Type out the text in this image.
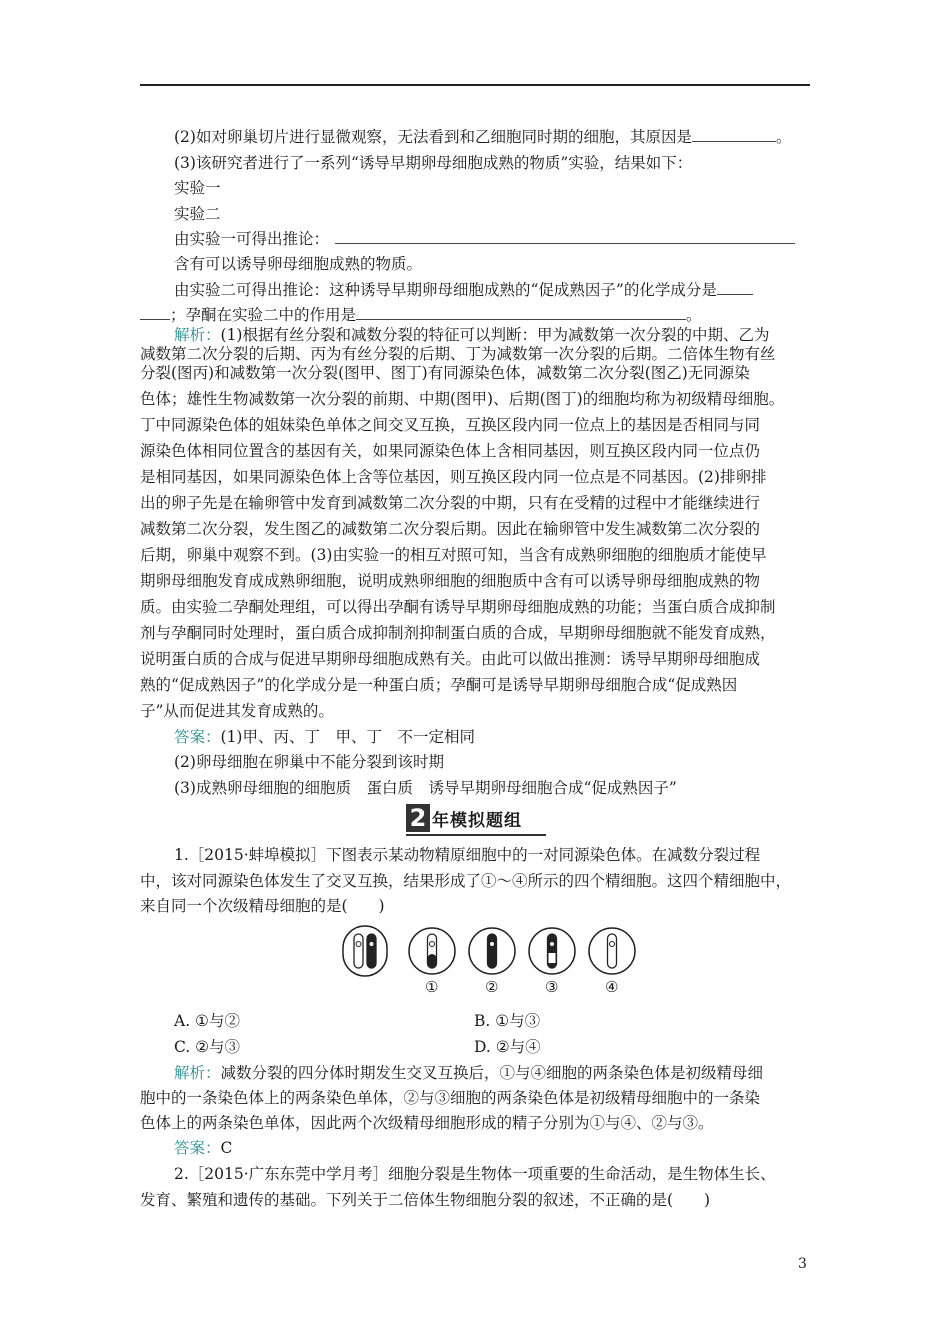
(2)如对卵巢切片进行显微观察，无法看到和乙细胞同时期的细胞，其原因是	。
(3)该研究者进行了一系列“诱导早期卵母细胞成熟的物质”实验，结果如下：
实验一
实验二
由实验一可得出推论：
含有可以诱导卵母细胞成熟的物质。
由实验二可得出推论：这种诱导早期卵母细胞成熟的“促成熟因子”的化学成分是
；孕酮在实验二中的作用是	。
解析：(1)根据有丝分裂和减数分裂的特征可以判断：甲为减数第一次分裂的中期、乙为
减数第二次分裂的后期、丙为有丝分裂的后期、丁为减数第一次分裂的后期。二倍体生物有丝
分裂(图丙)和减数第一次分裂(图甲、图丁)有同源染色体，减数第二次分裂(图乙)无同源染
色体；雄性生物减数第一次分裂的前期、中期(图甲)、后期(图丁)的细胞均称为初级精母细胞。
丁中同源染色体的姐妹染色单体之间交叉互换，互换区段内同一位点上的基因是否相同与同
源染色体相同位置含的基因有关，如果同源染色体上含相同基因，则互换区段内同一位点仍
是相同基因，如果同源染色体上含等位基因，则互换区段内同一位点是不同基因。(2)排卵排
出的卵子先是在输卵管中发育到减数第二次分裂的中期，只有在受精的过程中才能继续进行
减数第二次分裂，发生图乙的减数第二次分裂后期。因此在输卵管中发生减数第二次分裂的
后期，卵巢中观察不到。(3)由实验一的相互对照可知，当含有成熟卵细胞的细胞质才能使早
期卵母细胞发育成成熟卵细胞，说明成熟卵细胞的细胞质中含有可以诱导卵母细胞成熟的物
质。由实验二孕酮处理组，可以得出孕酮有诱导早期卵母细胞成熟的功能；当蛋白质合成抑制
剂与孕酮同时处理时，蛋白质合成抑制剂抑制蛋白质的合成，早期卵母细胞就不能发育成熟，
说明蛋白质的合成与促进早期卵母细胞成熟有关。由此可以做出推测：诱导早期卵母细胞成
熟的“促成熟因子”的化学成分是一种蛋白质；孕酮可是诱导早期卵母细胞合成“促成熟因
子”从而促进其发育成熟的。
答案：(1)甲、丙、丁　甲、丁　不一定相同
(2)卵母细胞在卵巢中不能分裂到该时期
(3)成熟卵母细胞的细胞质　蛋白质　诱导早期卵母细胞合成“促成熟因子”
2 年模拟题组
1.［2015·蚌埠模拟］下图表示某动物精原细胞中的一对同源染色体。在减数分裂过程
中，该对同源染色体发生了交叉互换，结果形成了①～④所示的四个精细胞。这四个精细胞中，
来自同一个次级精母细胞的是(　　)
①	②	③	④
A. ①与②	B. ①与③
C. ②与③	D. ②与④
解析：减数分裂的四分体时期发生交叉互换后，①与④细胞的两条染色体是初级精母细
胞中的一条染色体上的两条染色单体，②与③细胞的两条染色体是初级精母细胞中的一条染
色体上的两条染色单体，因此两个次级精母细胞形成的精子分别为①与④、②与③。
答案：C
2.［2015·广东东莞中学月考］细胞分裂是生物体一项重要的生命活动，是生物体生长、
发育、繁殖和遗传的基础。下列关于二倍体生物细胞分裂的叙述，不正确的是(　　)
3
